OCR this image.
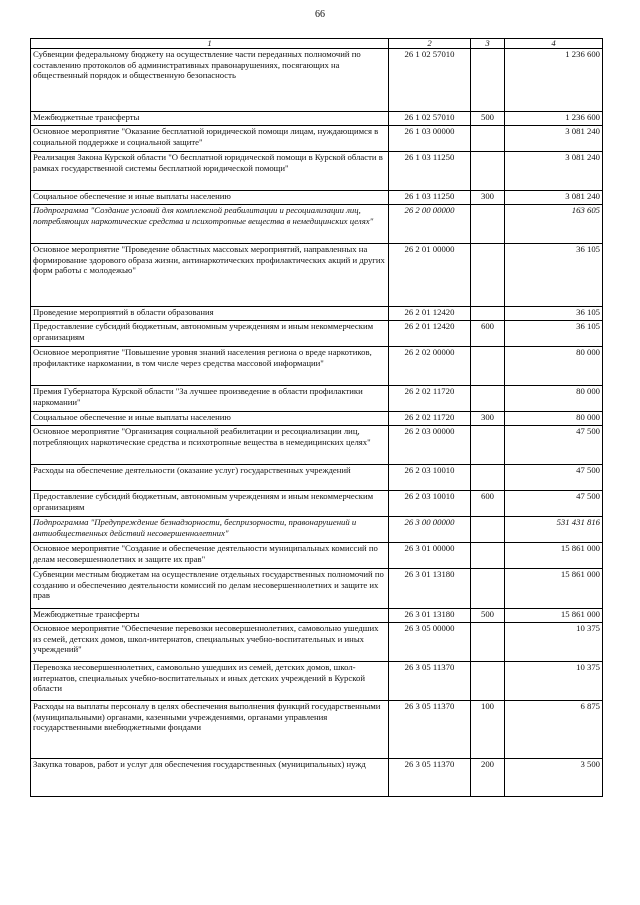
66
1	2	3	4
Субвенции федеральному бюджету на осуществление части переданных полномочий по составлению протоколов об административных правонарушениях, посягающих на общественный порядок и общественную безопасность	26 1 02 57010		1 236 600
Межбюджетные трансферты	26 1 02 57010	500	1 236 600
Основное мероприятие "Оказание бесплатной юридической помощи лицам, нуждающимся в социальной поддержке и социальной защите"	26 1 03 00000		3 081 240
Реализация Закона Курской области "О бесплатной юридической помощи в Курской области в рамках государственной системы бесплатной юридической помощи"	26 1 03 11250		3 081 240
Социальное обеспечение и иные выплаты населению	26 1 03 11250	300	3 081 240
Подпрограмма "Создание условий для комплексной реабилитации и ресоциализации лиц, потребляющих наркотические средства и психотропные вещества в немедицинских целях"	26 2 00 00000		163 605
Основное мероприятие "Проведение областных массовых мероприятий, направленных на формирование здорового образа жизни, антинаркотических профилактических акций и других форм работы с молодежью"	26 2 01 00000		36 105
Проведение мероприятий в области образования	26 2 01 12420		36 105
Предоставление субсидий бюджетным, автономным учреждениям и иным некоммерческим организациям	26 2 01 12420	600	36 105
Основное мероприятие "Повышение уровня знаний населения региона о вреде наркотиков, профилактике наркомании, в том числе через средства массовой информации"	26 2 02 00000		80 000
Премия Губернатора Курской области "За лучшее произведение в области профилактики наркомании"	26 2 02 11720		80 000
Социальное обеспечение и иные выплаты населению	26 2 02 11720	300	80 000
Основное мероприятие "Организация социальной реабилитации и ресоциализации лиц, потребляющих наркотические средства и психотропные вещества в немедицинских целях"	26 2 03 00000		47 500
Расходы на обеспечение деятельности (оказание услуг) государственных учреждений	26 2 03 10010		47 500
Предоставление субсидий бюджетным, автономным учреждениям и иным некоммерческим организациям	26 2 03 10010	600	47 500
Подпрограмма "Предупреждение безнадзорности, беспризорности, правонарушений и антиобщественных действий несовершеннолетних"	26 3 00 00000		531 431 816
Основное мероприятие "Создание и обеспечение деятельности муниципальных комиссий по делам несовершеннолетних и защите их прав"	26 3 01 00000		15 861 000
Субвенции местным бюджетам на осуществление отдельных государственных полномочий по созданию и обеспечению деятельности комиссий по делам несовершеннолетних и защите их прав	26 3 01 13180		15 861 000
Межбюджетные трансферты	26 3 01 13180	500	15 861 000
Основное мероприятие "Обеспечение перевозки несовершеннолетних, самовольно ушедших из семей, детских домов, школ-интернатов, специальных учебно-воспитательных и иных учреждений"	26 3 05 00000		10 375
Перевозка несовершеннолетних, самовольно ушедших из семей, детских домов, школ-интернатов, специальных учебно-воспитательных и иных детских учреждений в Курской области	26 3 05 11370		10 375
Расходы на выплаты персоналу в целях обеспечения выполнения функций государственными (муниципальными) органами, казенными учреждениями, органами управления государственными внебюджетными фондами	26 3 05 11370	100	6 875
Закупка товаров, работ и услуг для обеспечения государственных (муниципальных) нужд	26 3 05 11370	200	3 500
